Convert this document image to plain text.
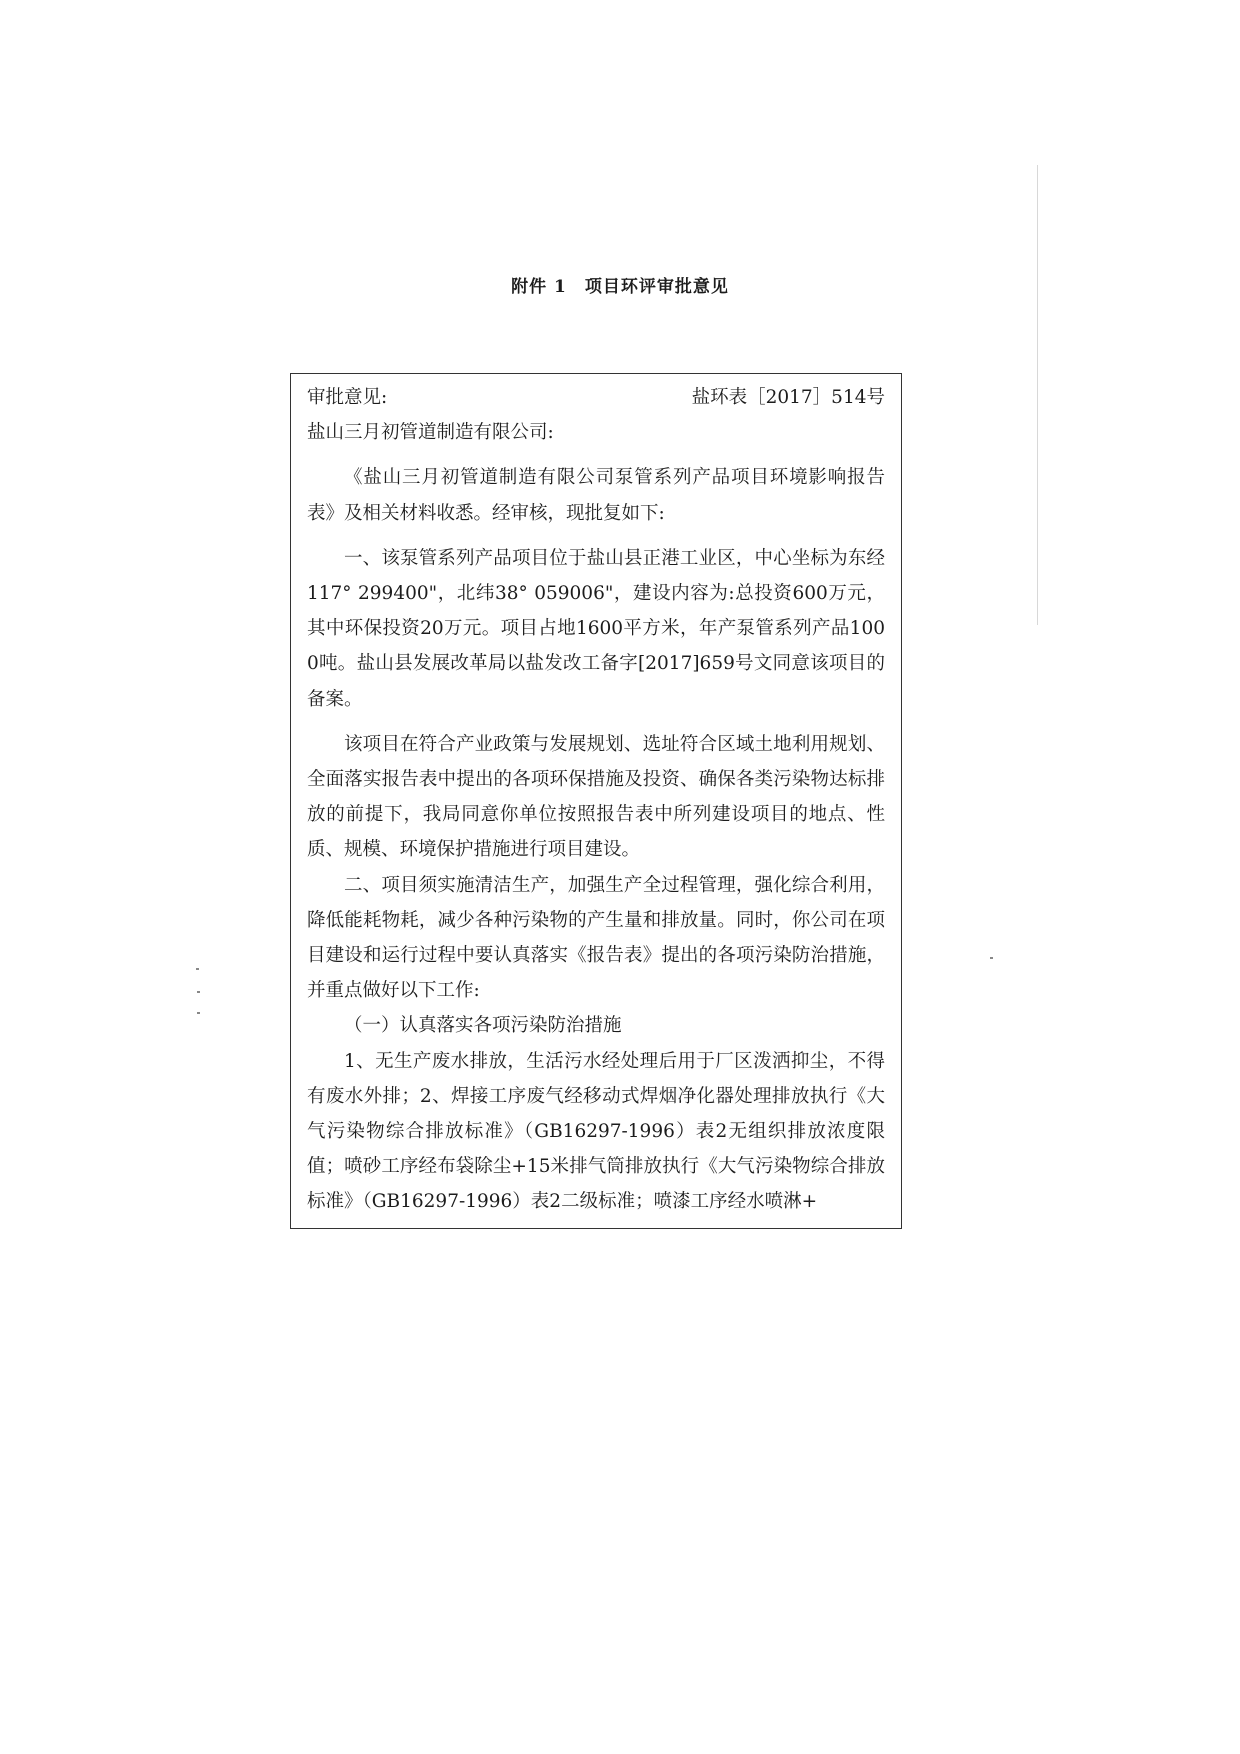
附件 1　项目环评审批意见
审批意见:	盐环表［2017］514号

盐山三月初管道制造有限公司:

《盐山三月初管道制造有限公司泵管系列产品项目环境影响报告表》及相关材料收悉。经审核，现批复如下:

一、该泵管系列产品项目位于盐山县正港工业区，中心坐标为东经117° 299400"，北纬38° 059006"，建设内容为:总投资600万元，其中环保投资20万元。项目占地1600平方米，年产泵管系列产品1000吨。盐山县发展改革局以盐发改工备字[2017]659号文同意该项目的备案。

该项目在符合产业政策与发展规划、选址符合区域土地利用规划、全面落实报告表中提出的各项环保措施及投资、确保各类污染物达标排放的前提下，我局同意你单位按照报告表中所列建设项目的地点、性质、规模、环境保护措施进行项目建设。

二、项目须实施清洁生产，加强生产全过程管理，强化综合利用，降低能耗物耗，减少各种污染物的产生量和排放量。同时，你公司在项目建设和运行过程中要认真落实《报告表》提出的各项污染防治措施，并重点做好以下工作:

（一）认真落实各项污染防治措施

1、无生产废水排放，生活污水经处理后用于厂区泼洒抑尘，不得有废水外排；2、焊接工序废气经移动式焊烟净化器处理排放执行《大气污染物综合排放标准》（GB16297-1996）表2无组织排放浓度限值；喷砂工序经布袋除尘+15米排气筒排放执行《大气污染物综合排放标准》（GB16297-1996）表2二级标准；喷漆工序经水喷淋+
